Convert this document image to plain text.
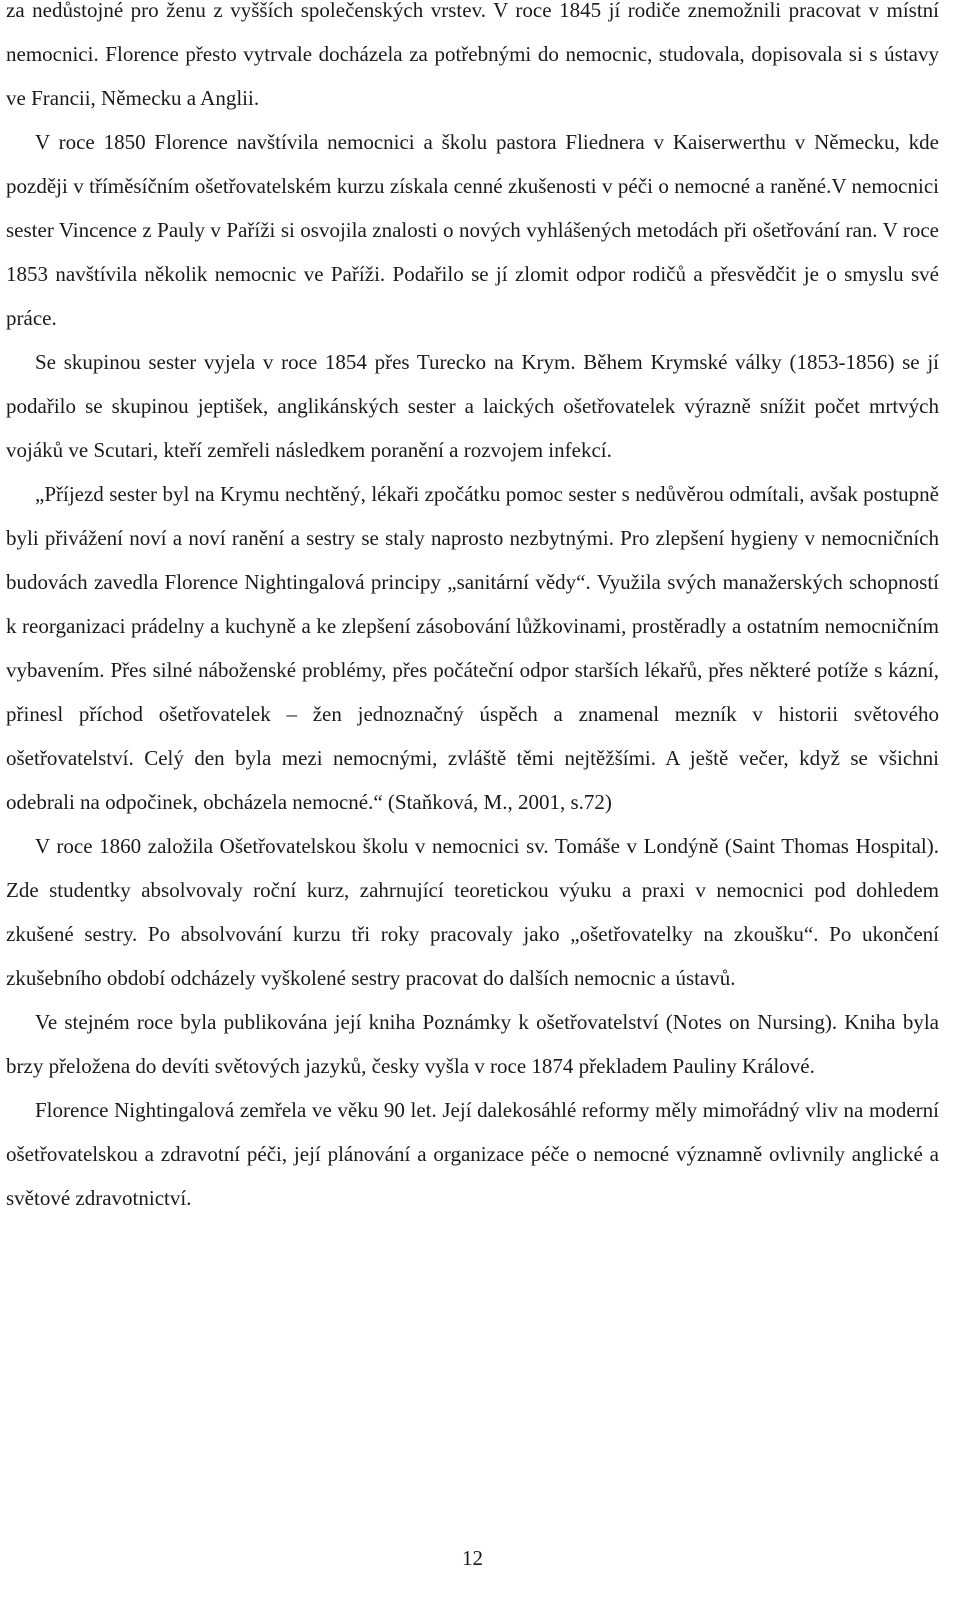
za nedůstojné pro ženu z vyšších společenských vrstev. V roce 1845 jí rodiče znemožnili pracovat v místní nemocnici. Florence přesto vytrvale docházela za potřebnými do nemocnic, studovala, dopisovala si s ústavy ve Francii, Německu a Anglii.

V roce 1850 Florence navštívila nemocnici a školu pastora Fliednera v Kaiserwerthu v Německu, kde později v tříměsíčním ošetřovatelském kurzu získala cenné zkušenosti v péči o nemocné a raněné.V nemocnici sester Vincence z Pauly v Paříži si osvojila znalosti o nových vyhlášených metodách při ošetřování ran. V roce 1853 navštívila několik nemocnic ve Paříži. Podařilo se jí zlomit odpor rodičů a přesvědčit je o smyslu své práce.

Se skupinou sester vyjela v roce 1854 přes Turecko na Krym. Během Krymské války (1853-1856) se jí podařilo se skupinou jeptišek, anglikánských sester a laických ošetřovatelek výrazně snížit počet mrtvých vojáků ve Scutari, kteří zemřeli následkem poranění a rozvojem infekcí.

„Příjezd sester byl na Krymu nechtěný, lékaři zpočátku pomoc sester s nedůvěrou odmítali, avšak postupně byli přivážení noví a noví ranění a sestry se staly naprosto nezbytnými. Pro zlepšení hygieny v nemocničních budovách zavedla Florence Nightingalová principy „sanitární vědy“. Využila svých manažerských schopností k reorganizaci prádelny a kuchyně a ke zlepšení zásobování lůžkovinami, prostěradly a ostatním nemocničním vybavením. Přes silné náboženské problémy, přes počáteční odpor starších lékařů, přes některé potíže s kázní, přinesl příchod ošetřovatelek – žen jednoznačný úspěch a znamenal mezník v historii světového ošetřovatelství. Celý den byla mezi nemocnými, zvláště těmi nejtěžšími. A ještě večer, když se všichni odebrali na odpočinek, obcházela nemocné.“ (Staňková, M., 2001, s.72)

V roce 1860 založila Ošetřovatelskou školu v nemocnici sv. Tomáše v Londýně (Saint Thomas Hospital). Zde studentky absolvovaly roční kurz, zahrnující teoretickou výuku a praxi v nemocnici pod dohledem zkušené sestry. Po absolvování kurzu tři roky pracovaly jako „ošetřovatelky na zkoušku“. Po ukončení zkušebního období odcházely vyškolené sestry pracovat do dalších nemocnic a ústavů.

Ve stejném roce byla publikována její kniha Poznámky k ošetřovatelství (Notes on Nursing). Kniha byla brzy přeložena do devíti světových jazyků, česky vyšla v roce 1874 překladem Pauliny Králové.

Florence Nightingalová zemřela ve věku 90 let. Její dalekosáhlé reformy měly mimořádný vliv na moderní ošetřovatelskou a zdravotní péči, její plánování a organizace péče o nemocné významně ovlivnily anglické a světové zdravotnictví.

12
